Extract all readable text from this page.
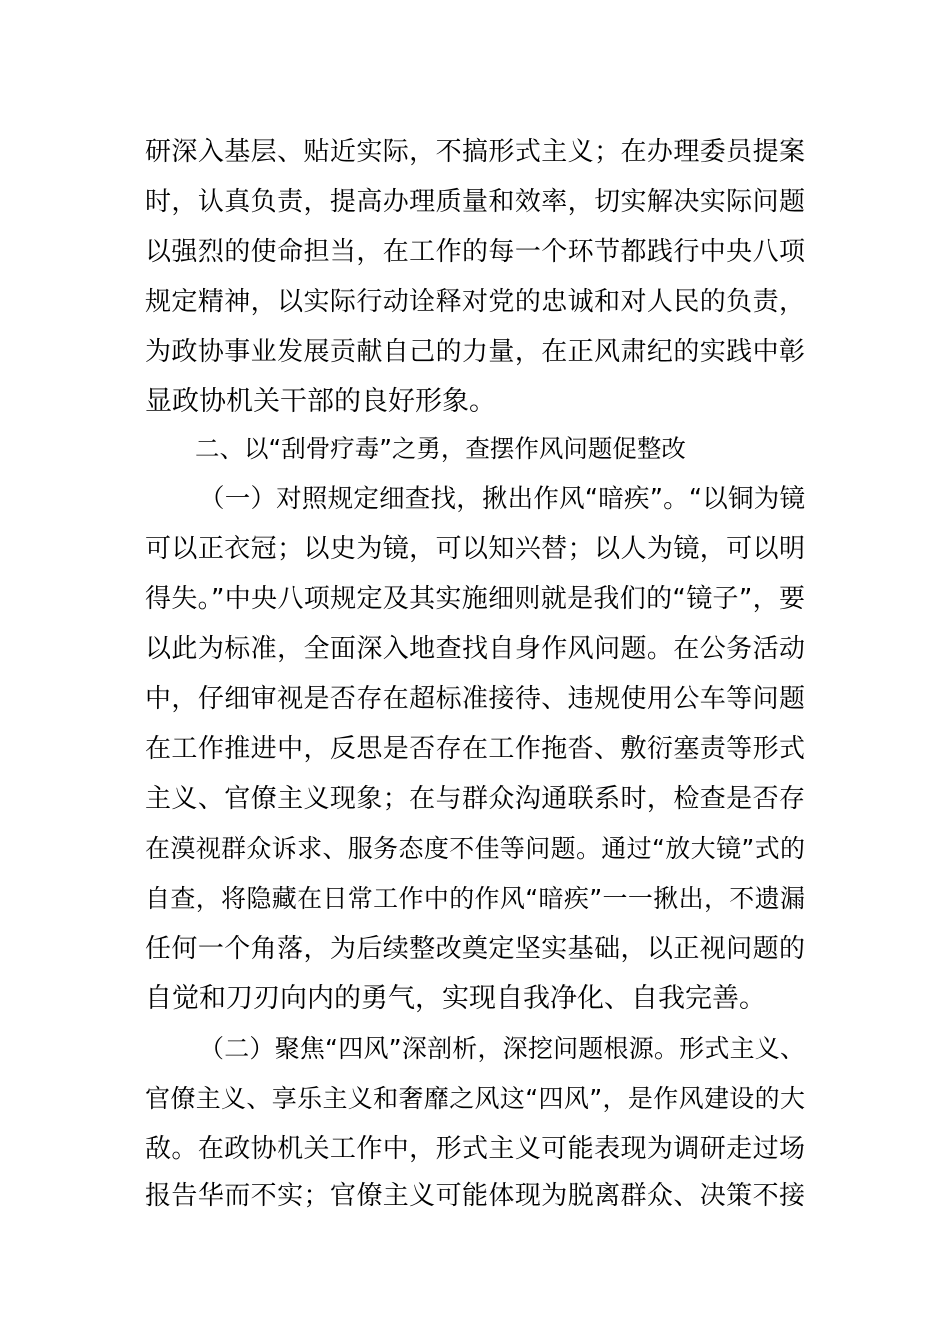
研深入基层、贴近实际，不搞形式主义；在办理委员提案
时，认真负责，提高办理质量和效率，切实解决实际问题
以强烈的使命担当，在工作的每一个环节都践行中央八项
规定精神，以实际行动诠释对党的忠诚和对人民的负责，
为政协事业发展贡献自己的力量，在正风肃纪的实践中彰
显政协机关干部的良好形象。
二、以“刮骨疗毒”之勇，查摆作风问题促整改
（一）对照规定细查找，揪出作风“暗疾”。“以铜为镜
可以正衣冠；以史为镜，可以知兴替；以人为镜，可以明
得失。”中央八项规定及其实施细则就是我们的“镜子”，要
以此为标准，全面深入地查找自身作风问题。在公务活动
中，仔细审视是否存在超标准接待、违规使用公车等问题
在工作推进中，反思是否存在工作拖沓、敷衍塞责等形式
主义、官僚主义现象；在与群众沟通联系时，检查是否存
在漠视群众诉求、服务态度不佳等问题。通过“放大镜”式的
自查，将隐藏在日常工作中的作风“暗疾”一一揪出，不遗漏
任何一个角落，为后续整改奠定坚实基础，以正视问题的
自觉和刀刃向内的勇气，实现自我净化、自我完善。
（二）聚焦“四风”深剖析，深挖问题根源。形式主义、
官僚主义、享乐主义和奢靡之风这“四风”，是作风建设的大
敌。在政协机关工作中，形式主义可能表现为调研走过场
报告华而不实；官僚主义可能体现为脱离群众、决策不接
